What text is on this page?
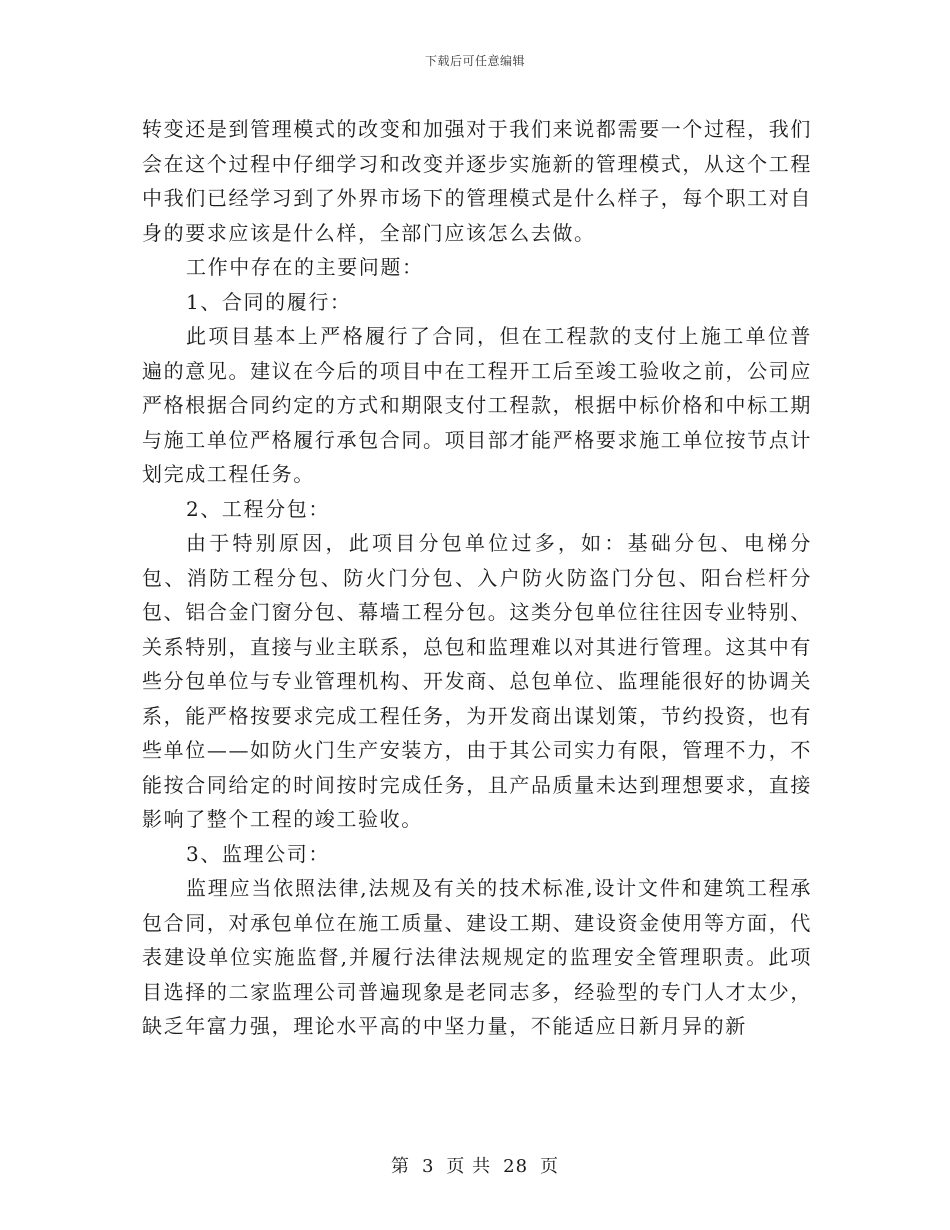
下载后可任意编辑

转变还是到管理模式的改变和加强对于我们来说都需要一个过程，我们会在这个过程中仔细学习和改变并逐步实施新的管理模式，从这个工程中我们已经学习到了外界市场下的管理模式是什么样子，每个职工对自身的要求应该是什么样，全部门应该怎么去做。

工作中存在的主要问题：

1、合同的履行：

此项目基本上严格履行了合同，但在工程款的支付上施工单位普遍的意见。建议在今后的项目中在工程开工后至竣工验收之前，公司应严格根据合同约定的方式和期限支付工程款，根据中标价格和中标工期与施工单位严格履行承包合同。项目部才能严格要求施工单位按节点计划完成工程任务。

2、工程分包：

由于特别原因，此项目分包单位过多，如：基础分包、电梯分包、消防工程分包、防火门分包、入户防火防盗门分包、阳台栏杆分包、铝合金门窗分包、幕墙工程分包。这类分包单位往往因专业特别、关系特别，直接与业主联系，总包和监理难以对其进行管理。这其中有些分包单位与专业管理机构、开发商、总包单位、监理能很好的协调关系，能严格按要求完成工程任务，为开发商出谋划策，节约投资，也有些单位——如防火门生产安装方，由于其公司实力有限，管理不力，不能按合同给定的时间按时完成任务，且产品质量未达到理想要求，直接影响了整个工程的竣工验收。

3、监理公司：

监理应当依照法律,法规及有关的技术标准,设计文件和建筑工程承包合同，对承包单位在施工质量、建设工期、建设资金使用等方面，代表建设单位实施监督,并履行法律法规规定的监理安全管理职责。此项目选择的二家监理公司普遍现象是老同志多，经验型的专门人才太少，缺乏年富力强，理论水平高的中坚力量，不能适应日新月异的新

第 3 页 共 28 页
